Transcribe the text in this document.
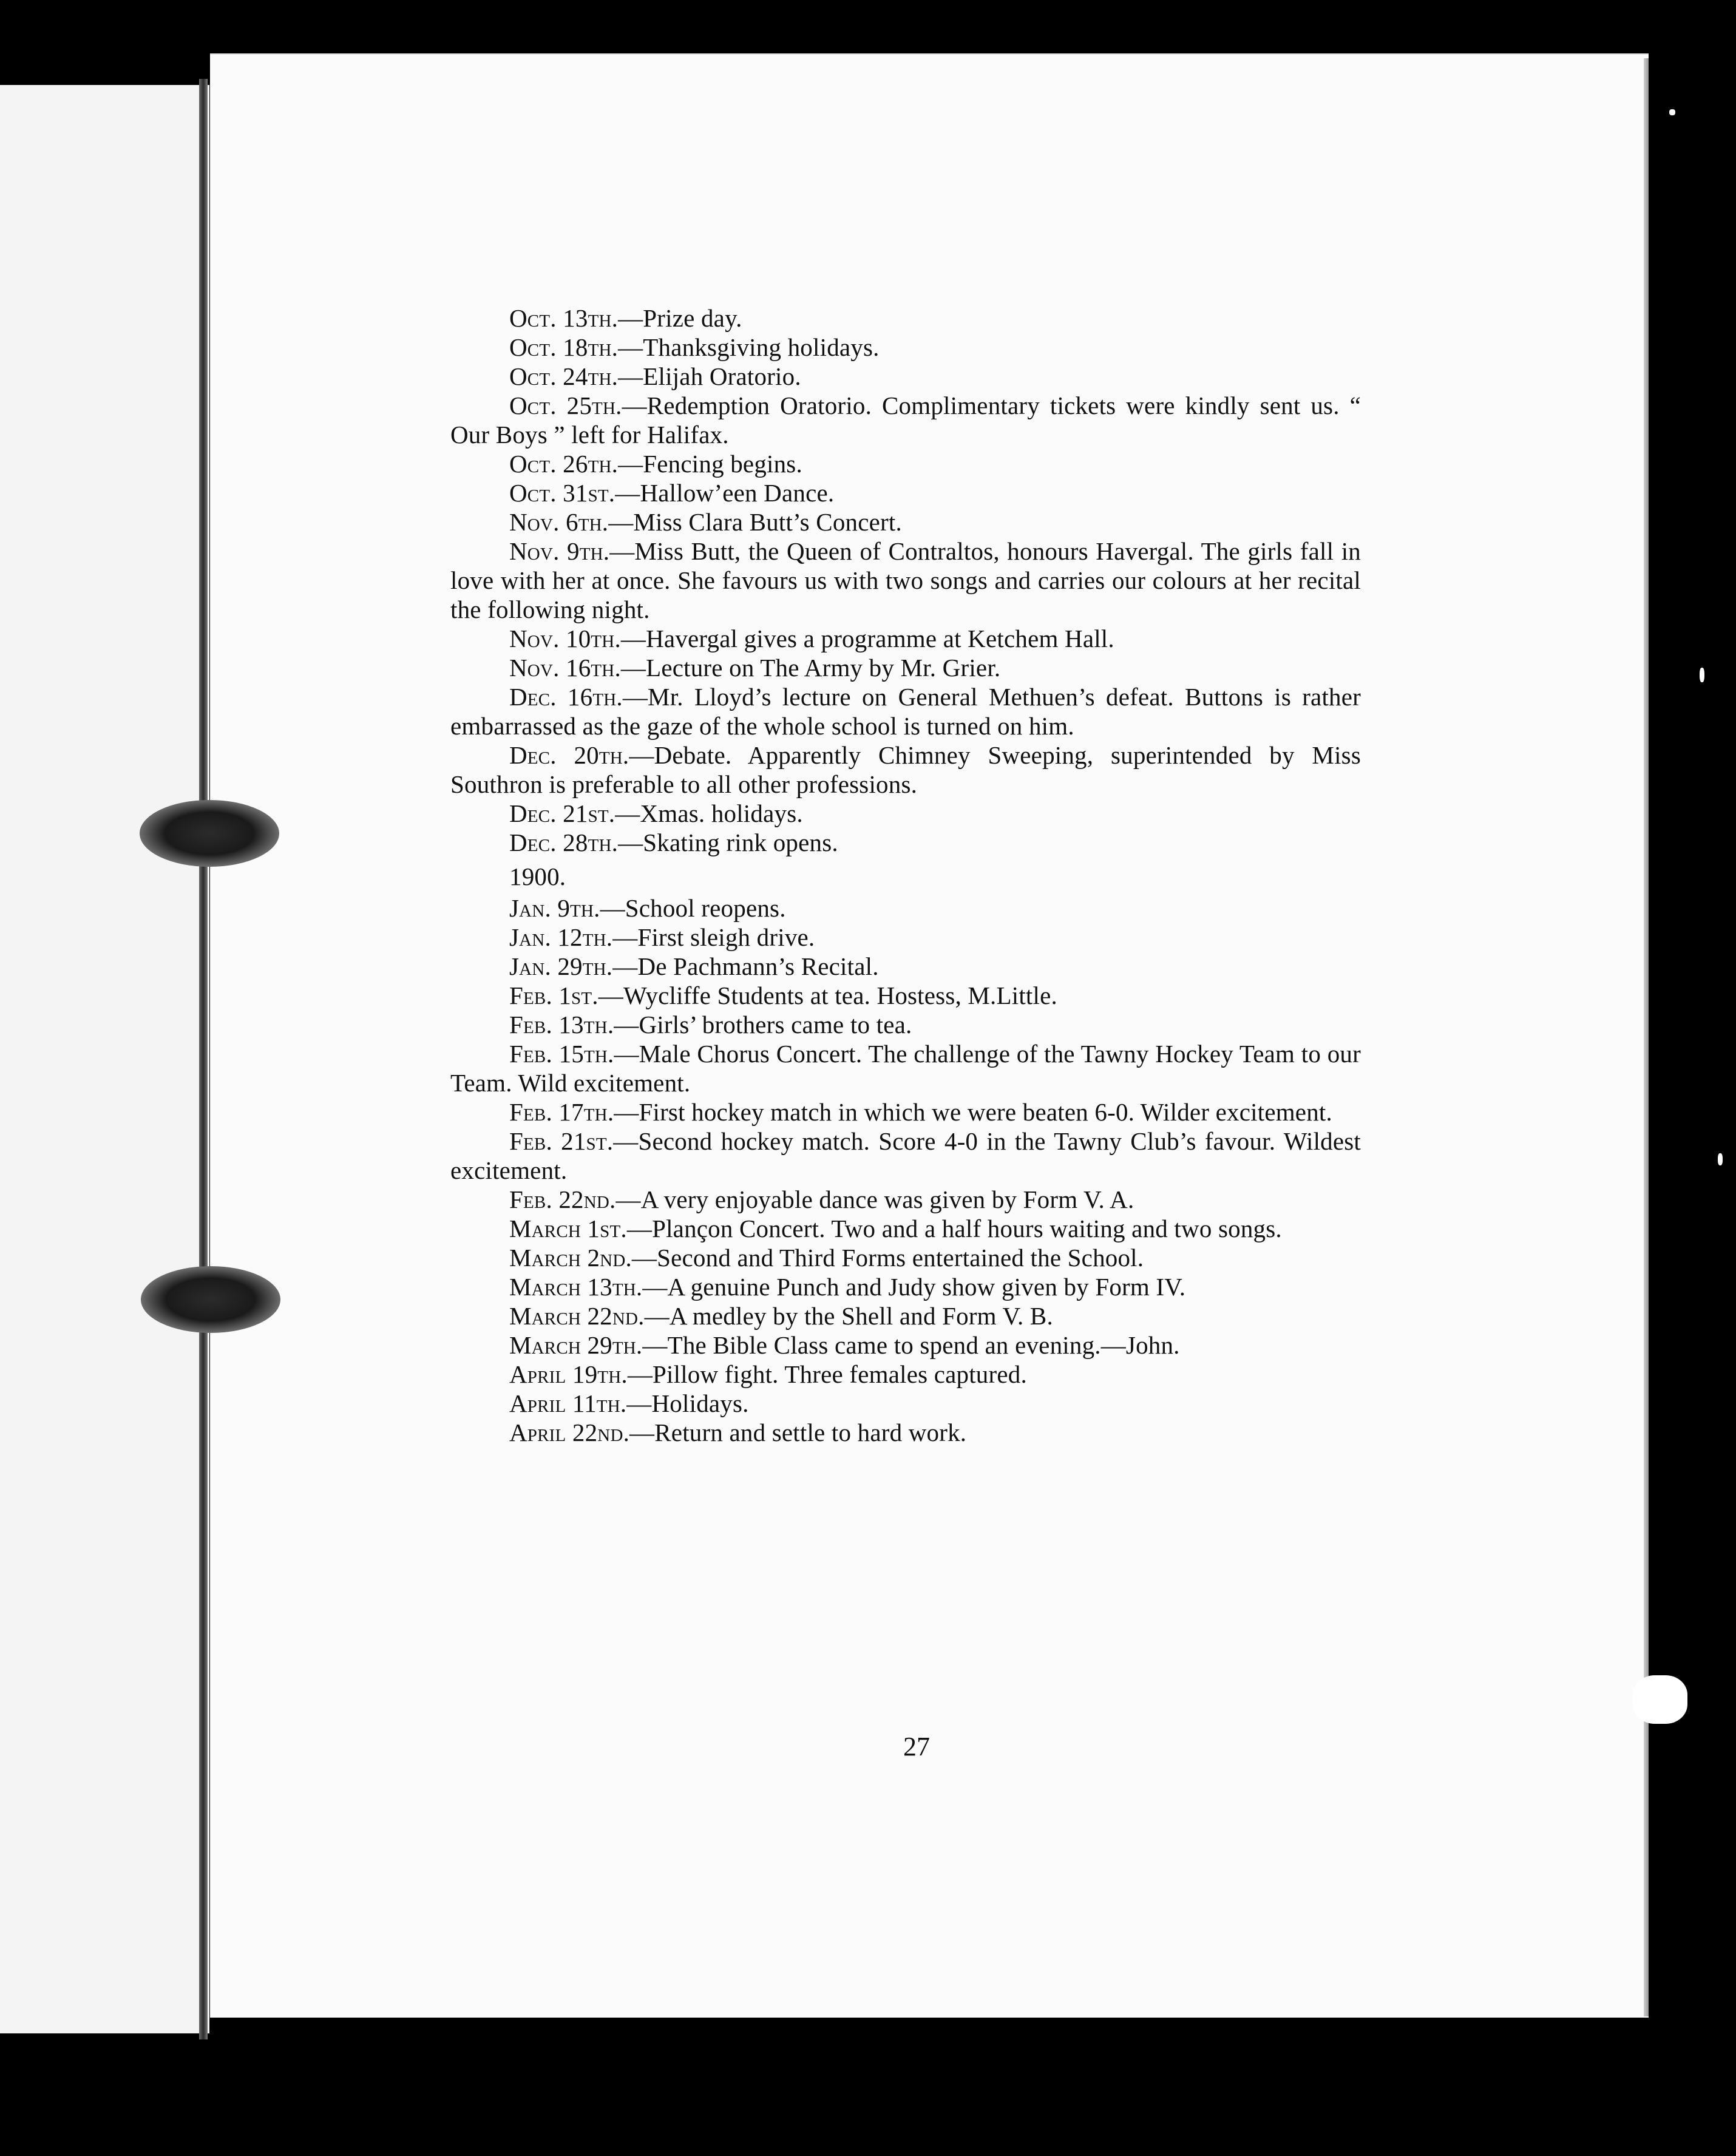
Oct. 13th.—Prize day.

Oct. 18th.—Thanksgiving holidays.

Oct. 24th.—Elijah Oratorio.

Oct. 25th.—Redemption Oratorio. Complimentary tickets were kindly sent us. “ Our Boys ” left for Halifax.

Oct. 26th.—Fencing begins.

Oct. 31st.—Hallow’een Dance.

Nov. 6th.—Miss Clara Butt’s Concert.

Nov. 9th.—Miss Butt, the Queen of Contraltos, honours Havergal. The girls fall in love with her at once. She favours us with two songs and carries our colours at her recital the following night.

Nov. 10th.—Havergal gives a programme at Ketchem Hall.

Nov. 16th.—Lecture on The Army by Mr. Grier.

Dec. 16th.—Mr. Lloyd’s lecture on General Methuen’s defeat. Buttons is rather embarrassed as the gaze of the whole school is turned on him.

Dec. 20th.—Debate. Apparently Chimney Sweeping, superintended by Miss Southron is preferable to all other professions.

Dec. 21st.—Xmas. holidays.

Dec. 28th.—Skating rink opens.

1900.

Jan. 9th.—School reopens.

Jan. 12th.—First sleigh drive.

Jan. 29th.—De Pachmann’s Recital.

Feb. 1st.—Wycliffe Students at tea. Hostess, M.Little.

Feb. 13th.—Girls’ brothers came to tea.

Feb. 15th.—Male Chorus Concert. The challenge of the Tawny Hockey Team to our Team. Wild excitement.

Feb. 17th.—First hockey match in which we were beaten 6-0. Wilder excitement.

Feb. 21st.—Second hockey match. Score 4-0 in the Tawny Club’s favour. Wildest excitement.

Feb. 22nd.—A very enjoyable dance was given by Form V. A.

March 1st.—Plançon Concert. Two and a half hours waiting and two songs.

March 2nd.—Second and Third Forms entertained the School.

March 13th.—A genuine Punch and Judy show given by Form IV.

March 22nd.—A medley by the Shell and Form V. B.

March 29th.—The Bible Class came to spend an evening.—John.

April 19th.—Pillow fight. Three females captured.

April 11th.—Holidays.

April 22nd.—Return and settle to hard work.

27
